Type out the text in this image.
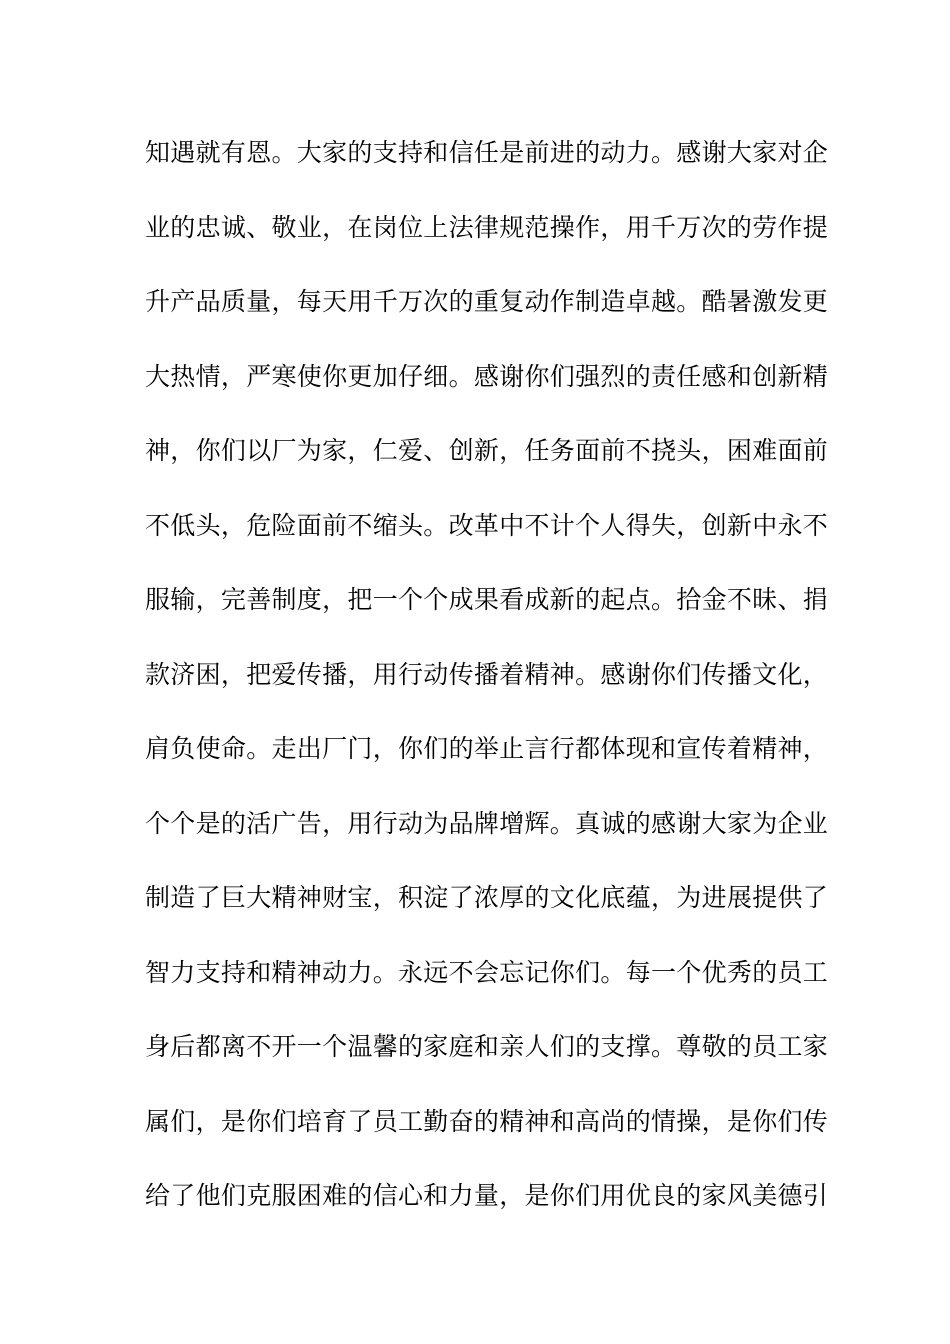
知遇就有恩。大家的支持和信任是前进的动力。感谢大家对企
业的忠诚、敬业，在岗位上法律规范操作，用千万次的劳作提
升产品质量，每天用千万次的重复动作制造卓越。酷暑激发更
大热情，严寒使你更加仔细。感谢你们强烈的责任感和创新精
神，你们以厂为家，仁爱、创新，任务面前不挠头，困难面前
不低头，危险面前不缩头。改革中不计个人得失，创新中永不
服输，完善制度，把一个个成果看成新的起点。拾金不昧、捐
款济困，把爱传播，用行动传播着精神。感谢你们传播文化，
肩负使命。走出厂门，你们的举止言行都体现和宣传着精神，
个个是的活广告，用行动为品牌增辉。真诚的感谢大家为企业
制造了巨大精神财宝，积淀了浓厚的文化底蕴，为进展提供了
智力支持和精神动力。永远不会忘记你们。每一个优秀的员工
身后都离不开一个温馨的家庭和亲人们的支撑。尊敬的员工家
属们，是你们培育了员工勤奋的精神和高尚的情操，是你们传
给了他们克服困难的信心和力量，是你们用优良的家风美德引
